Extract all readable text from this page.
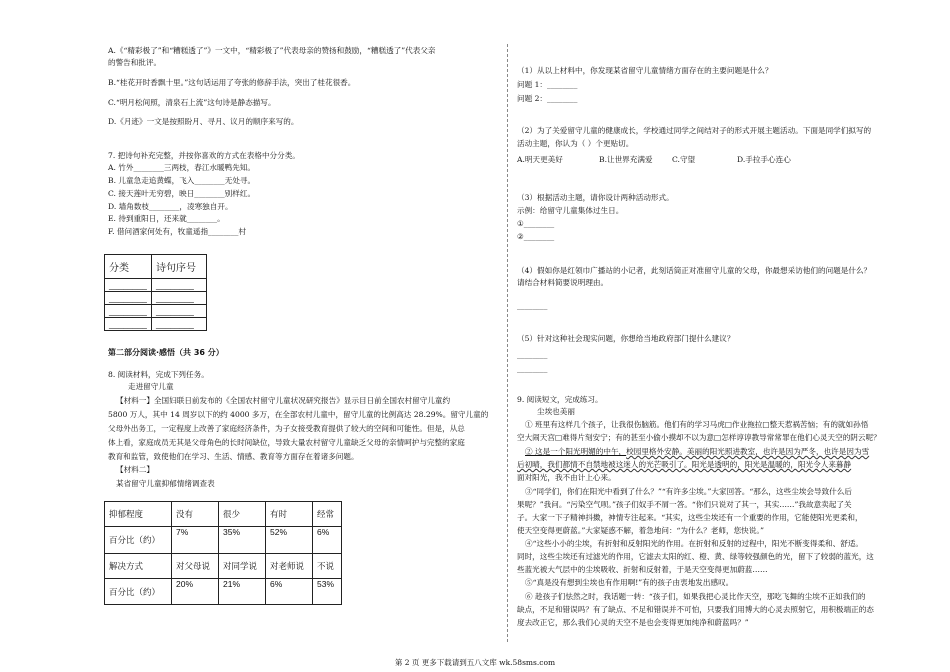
A.《“精彩极了”和“糟糕透了”》一文中，“精彩极了”代表母亲的赞扬和鼓励，“糟糕透了”代表父亲
的警告和批评。
B.“桂花开时香飘十里。”这句话运用了夸张的修辞手法，突出了桂花很香。
C.“明月松间照，清泉石上流”这句诗是静态描写。
D.《月迹》一文是按照盼月、寻月、议月的顺序来写的。
7. 把诗句补充完整，并按你喜欢的方式在表格中分分类。
A. 竹外________三两枝，春江水暖鸭先知。
B. 儿童急走追黄蝶，飞入________无处寻。
C. 接天莲叶无穷碧，映日________别样红。
D. 墙角数枝________，凌寒独自开。
E. 待到重阳日，还来就________。
F. 借问酒家何处有，牧童遥指________村
分类	诗句序号
________	________
________	________
________	________
________	________
第二部分阅读·感悟（共 36 分）
8. 阅读材料，完成下列任务。
走进留守儿童
【材料一】全国妇联日前发布的《全国农村留守儿童状况研究报告》显示目日前全国农村留守儿童约
5800 万人，其中 14 周岁以下的约 4000 多万，在全部农村儿童中，留守儿童的比例高达 28.29%。留守儿童的
父母外出务工，一定程度上改善了家庭经济条件，为子女接受教育提供了较大的空间和可能性。但是，从总
体上看，家庭成员无其是父母角色的长时间缺位，导致大量农村留守儿童缺乏父母的亲情呵护与完整的家庭
教育和监管，致使他们在学习、生活、情感、教育等方面存在着诸多问题。
【材料二】
某省留守儿童抑郁情绪调查表
抑郁程度	没有	很少	有时	经常
百分比（约）	7%	35%	52%	6%
解决方式	对父母说	对同学说	对老师说	不说
百分比（约）	20%	21%	6%	53%
（1）从以上材料中，你发现某省留守儿童情绪方面存在的主要问题是什么？
问题 1：________
问题 2：________
（2）为了关爱留守儿童的健康成长，学校通过同学之间结对子的形式开展主题活动。下面是同学们拟写的
活动主题，你认为（ ）个更贴切。
A.明天更美好	B.让世界充满爱	C.守望	D.手拉手心连心
（3）根据活动主题，请你设计两种活动形式。
示例：给留守儿童集体过生日。
①________
②________
（4）假如你是红领巾广播站的小记者，此刻话筒正对准留守儿童的父母，你最想采访他们的问题是什么？
请结合材料简要说明理由。
________
（5）针对这种社会现实问题，你想给当地政府部门提什么建议？
________
________
9. 阅读短文，完成练习。
尘埃也美丽
① 班里有这样几个孩子，让我很伤脑筋。他们有的学习马虎□作业拖拉□整天惹祸苦恼；有的就如孙悟
空大闹天宫□难得片刻安宁；有的甚至小偷小摸却不以为意□怎样谆谆教导常常罪在他们心灵天空的阴云呢？
② 这是一个阳光明媚的中午，校园里格外安静。美丽的阳光照进教室，也许是因为严冬，也许是因为雪
后初晴，我们都情不自禁地被这迷人的光芒吸引了。阳光是透明的，阳光是温暖的，阳光令人来暮静
面对阳光，我不由计上心来。
③“同学们，你们在阳光中看到了什么？”“有许多尘埃。”大家回答。“那么，这些尘埃会导致什么后
果呢？”我问。“污染空气呗。”孩子们奴手不屑一答。“你们只说对了其一，其实……”我故意卖起了关
子。大家一下子精神抖擞，神情专注起来。“其实，这些尘埃还有一个重要的作用，它能使阳光更柔和，
使天空变得更蔚蓝。”大家疑惑不解，着急地问：“为什么？老师，您快说。”
④“这些小小的尘埃，有折射和反射阳光的作用。在折射和反射的过程中，阳光不断变得柔和、舒适。
同时，这些尘埃还有过滤光的作用，它滤去太阳的红、橙、黄、绿等较强颜色的光，留下了较弱的蓝光，这
些蓝光被大气层中的尘埃吸收、折射和反射着，于是天空变得更加蔚蓝……
⑤“真是没有想到尘埃也有作用啊!”有的孩子由衷地发出感叹。
⑥ 趁孩子们怯然之时，我话题一转：“孩子们，如果我把心灵比作天空，那吃飞舞的尘埃不正如我们的
缺点，不足和错误吗？有了缺点、不足和错误并不可怕，只要我们用博大的心灵去照射它，用积极端正的态
度去改正它，那么我们心灵的天空不是也会变得更加纯净和蔚蓝吗？”
第 2 页 更多下载请到五八文库 wk.58sms.com
